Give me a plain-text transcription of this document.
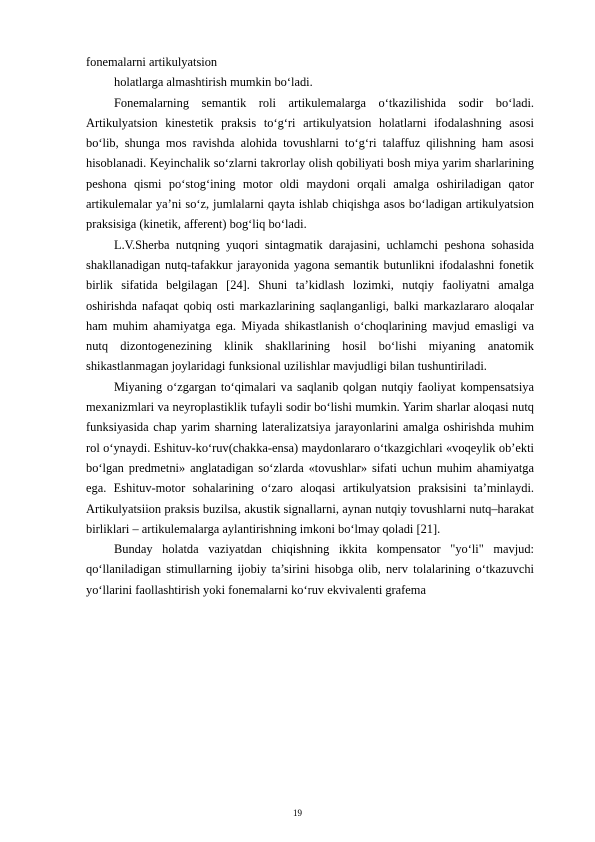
fonemalarni artikulyatsion
holatlarga almashtirish mumkin bo‘ladi.

Fonemalarning semantik roli artikulemalarga o‘tkazilishida sodir bo‘ladi. Artikulyatsion kinestetik praksis to‘g‘ri artikulyatsion holatlarni ifodalashning asosi bo‘lib, shunga mos ravishda alohida tovushlarni to‘g‘ri talaffuz qilishning ham asosi hisoblanadi. Keyinchalik so‘zlarni takrorlay olish qobiliyati bosh miya yarim sharlarining peshona qismi po‘stog‘ining motor oldi maydoni orqali amalga oshiriladigan qator artikulemalar ya’ni so‘z, jumlalarni qayta ishlab chiqishga asos bo‘ladigan artikulyatsion praksisiga (kinetik, afferent) bog‘liq bo‘ladi.

L.V.Sherba nutqning yuqori sintagmatik darajasini, uchlamchi peshona sohasida shakllanadigan nutq-tafakkur jarayonida yagona semantik butunlikni ifodalashni fonetik birlik sifatida belgilagan [24]. Shuni ta’kidlash lozimki, nutqiy faoliyatni amalga oshirishda nafaqat qobiq osti markazlarining saqlanganligi, balki markazlararo aloqalar ham muhim ahamiyatga ega. Miyada shikastlanish o‘choqlarining mavjud emasligi va nutq dizontogenezining klinik shakllarining hosil bo‘lishi miyaning anatomik shikastlanmagan joylaridagi funksional uzilishlar mavjudligi bilan tushuntiriladi.

Miyaning o‘zgargan to‘qimalari va saqlanib qolgan nutqiy faoliyat kompensatsiya mexanizmlari va neyroplastiklik tufayli sodir bo‘lishi mumkin. Yarim sharlar aloqasi nutq funksiyasida chap yarim sharning lateralizatsiya jarayonlarini amalga oshirishda muhim rol o‘ynaydi. Eshituv-ko‘ruv(chakka-ensa) maydonlararo o‘tkazgichlari «voqeylik ob’ekti bo‘lgan predmetni» anglatadigan so‘zlarda «tovushlar» sifati uchun muhim ahamiyatga ega. Eshituv-motor sohalarining o‘zaro aloqasi artikulyatsion praksisini ta’minlaydi. Artikulyatsiion praksis buzilsa, akustik signallarni, aynan nutqiy tovushlarni nutq–harakat birliklari – artikulemalarga aylantirishning imkoni bo‘lmay qoladi [21].

Bunday holatda vaziyatdan chiqishning ikkita kompensator "yo‘li" mavjud: qo‘llaniladigan stimullarning ijobiy ta’sirini hisobga olib, nerv tolalarining o‘tkazuvchi yo‘llarini faollashtirish yoki fonemalarni ko‘ruv ekvivalenti grafema

19
